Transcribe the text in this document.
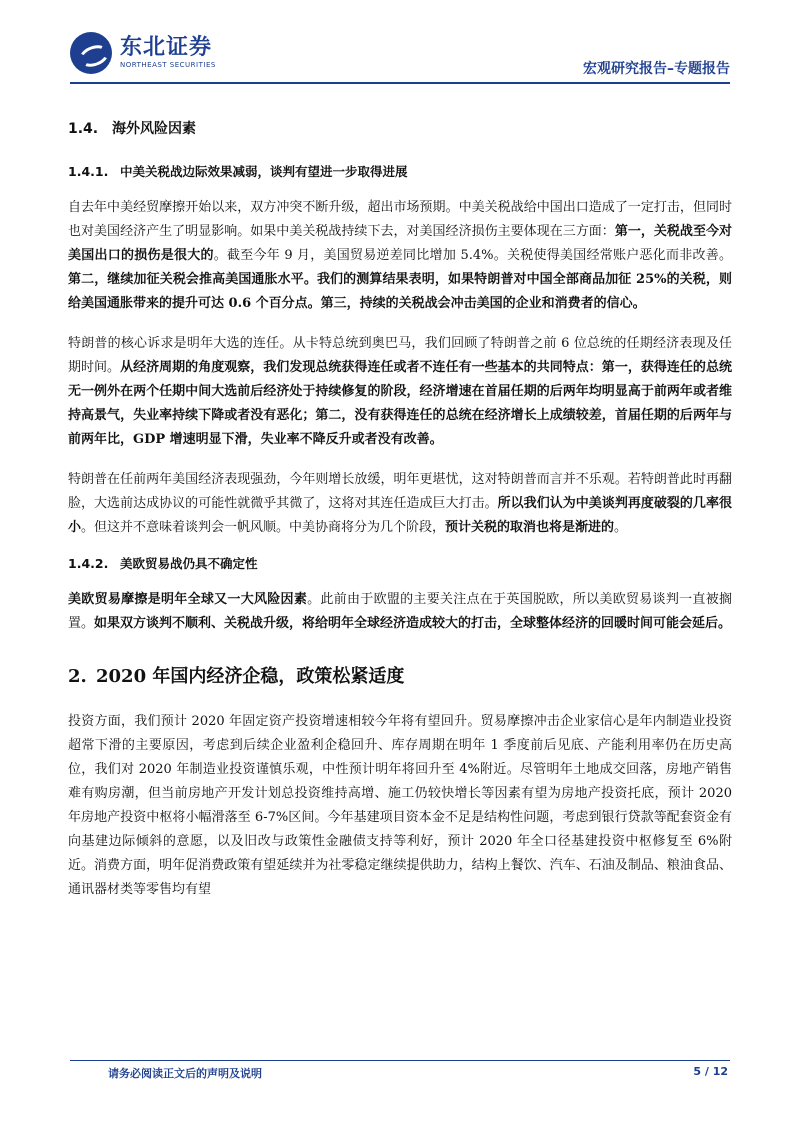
东北证券
NORTHEAST SECURITIES	宏观研究报告–专题报告
1.4. 海外风险因素
1.4.1. 中美关税战边际效果减弱，谈判有望进一步取得进展

自去年中美经贸摩擦开始以来，双方冲突不断升级，超出市场预期。中美关税战给中国出口造成了一定打击，但同时也对美国经济产生了明显影响。如果中美关税战持续下去，对美国经济损伤主要体现在三方面：第一，关税战至今对美国出口的损伤是很大的。截至今年 9 月，美国贸易逆差同比增加 5.4%。关税使得美国经常账户恶化而非改善。第二，继续加征关税会推高美国通胀水平。我们的测算结果表明，如果特朗普对中国全部商品加征 25%的关税，则给美国通胀带来的提升可达 0.6 个百分点。第三，持续的关税战会冲击美国的企业和消费者的信心。

特朗普的核心诉求是明年大选的连任。从卡特总统到奥巴马，我们回顾了特朗普之前 6 位总统的任期经济表现及任期时间。从经济周期的角度观察，我们发现总统获得连任或者不连任有一些基本的共同特点：第一，获得连任的总统无一例外在两个任期中间大选前后经济处于持续修复的阶段，经济增速在首届任期的后两年均明显高于前两年或者维持高景气，失业率持续下降或者没有恶化；第二，没有获得连任的总统在经济增长上成绩较差，首届任期的后两年与前两年比，GDP 增速明显下滑，失业率不降反升或者没有改善。

特朗普在任前两年美国经济表现强劲，今年则增长放缓，明年更堪忧，这对特朗普而言并不乐观。若特朗普此时再翻脸，大选前达成协议的可能性就微乎其微了，这将对其连任造成巨大打击。所以我们认为中美谈判再度破裂的几率很小。但这并不意味着谈判会一帆风顺。中美协商将分为几个阶段，预计关税的取消也将是渐进的。

1.4.2. 美欧贸易战仍具不确定性

美欧贸易摩擦是明年全球又一大风险因素。此前由于欧盟的主要关注点在于英国脱欧，所以美欧贸易谈判一直被搁置。如果双方谈判不顺利、关税战升级，将给明年全球经济造成较大的打击，全球整体经济的回暖时间可能会延后。

2. 2020 年国内经济企稳，政策松紧适度

投资方面，我们预计 2020 年固定资产投资增速相较今年将有望回升。贸易摩擦冲击企业家信心是年内制造业投资超常下滑的主要原因，考虑到后续企业盈利企稳回升、库存周期在明年 1 季度前后见底、产能利用率仍在历史高位，我们对 2020 年制造业投资谨慎乐观，中性预计明年将回升至 4%附近。尽管明年土地成交回落，房地产销售难有购房潮，但当前房地产开发计划总投资维持高增、施工仍较快增长等因素有望为房地产投资托底，预计 2020 年房地产投资中枢将小幅滑落至 6-7%区间。今年基建项目资本金不足是结构性问题，考虑到银行贷款等配套资金有向基建边际倾斜的意愿，以及旧改与政策性金融债支持等利好，预计 2020 年全口径基建投资中枢修复至 6%附近。消费方面，明年促消费政策有望延续并为社零稳定继续提供助力，结构上餐饮、汽车、石油及制品、粮油食品、通讯器材类等零售均有望

请务必阅读正文后的声明及说明	5 / 12
